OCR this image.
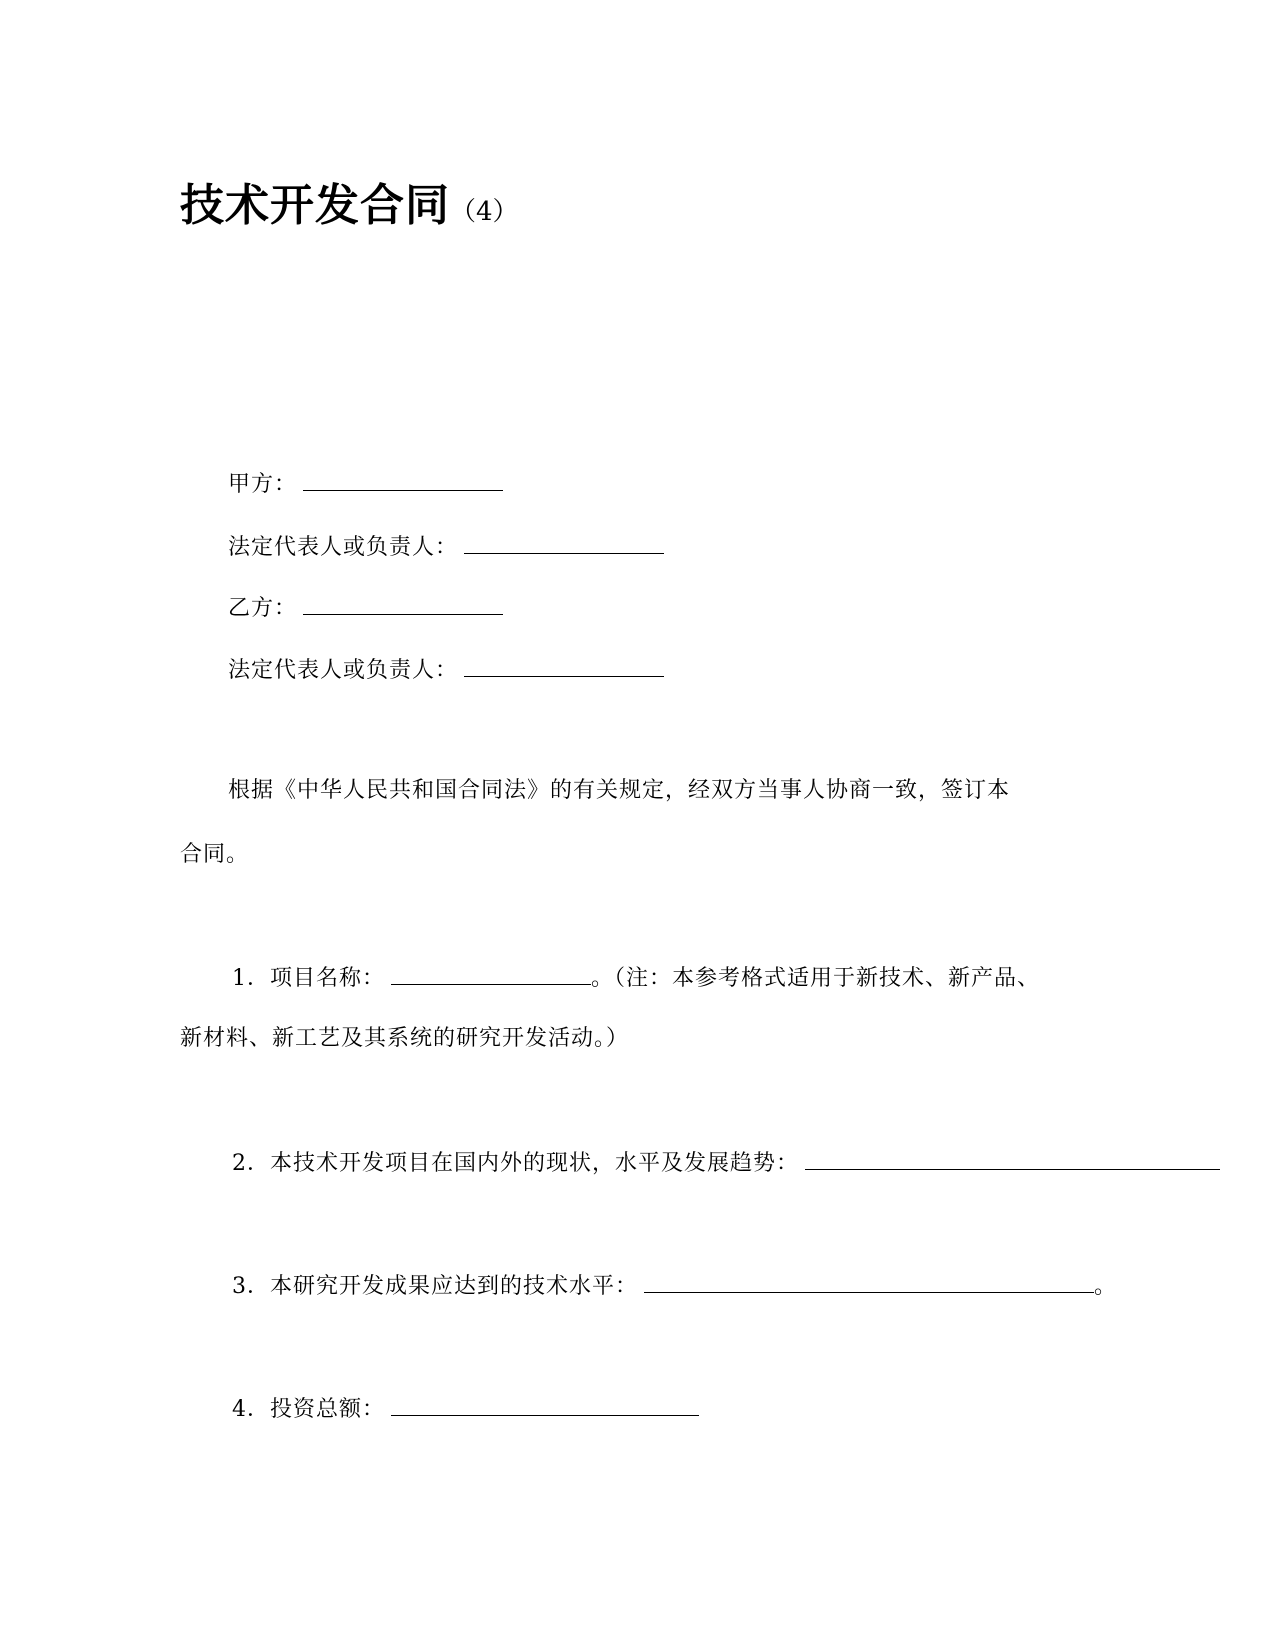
技术开发合同（4）
甲方：
法定代表人或负责人：
乙方：
法定代表人或负责人：
根据《中华人民共和国合同法》的有关规定，经双方当事人协商一致，签订本
合同。
1．项目名称：	。（注：本参考格式适用于新技术、新产品、
新材料、新工艺及其系统的研究开发活动。）
2．本技术开发项目在国内外的现状，水平及发展趋势：
3．本研究开发成果应达到的技术水平：	。
4．投资总额：
